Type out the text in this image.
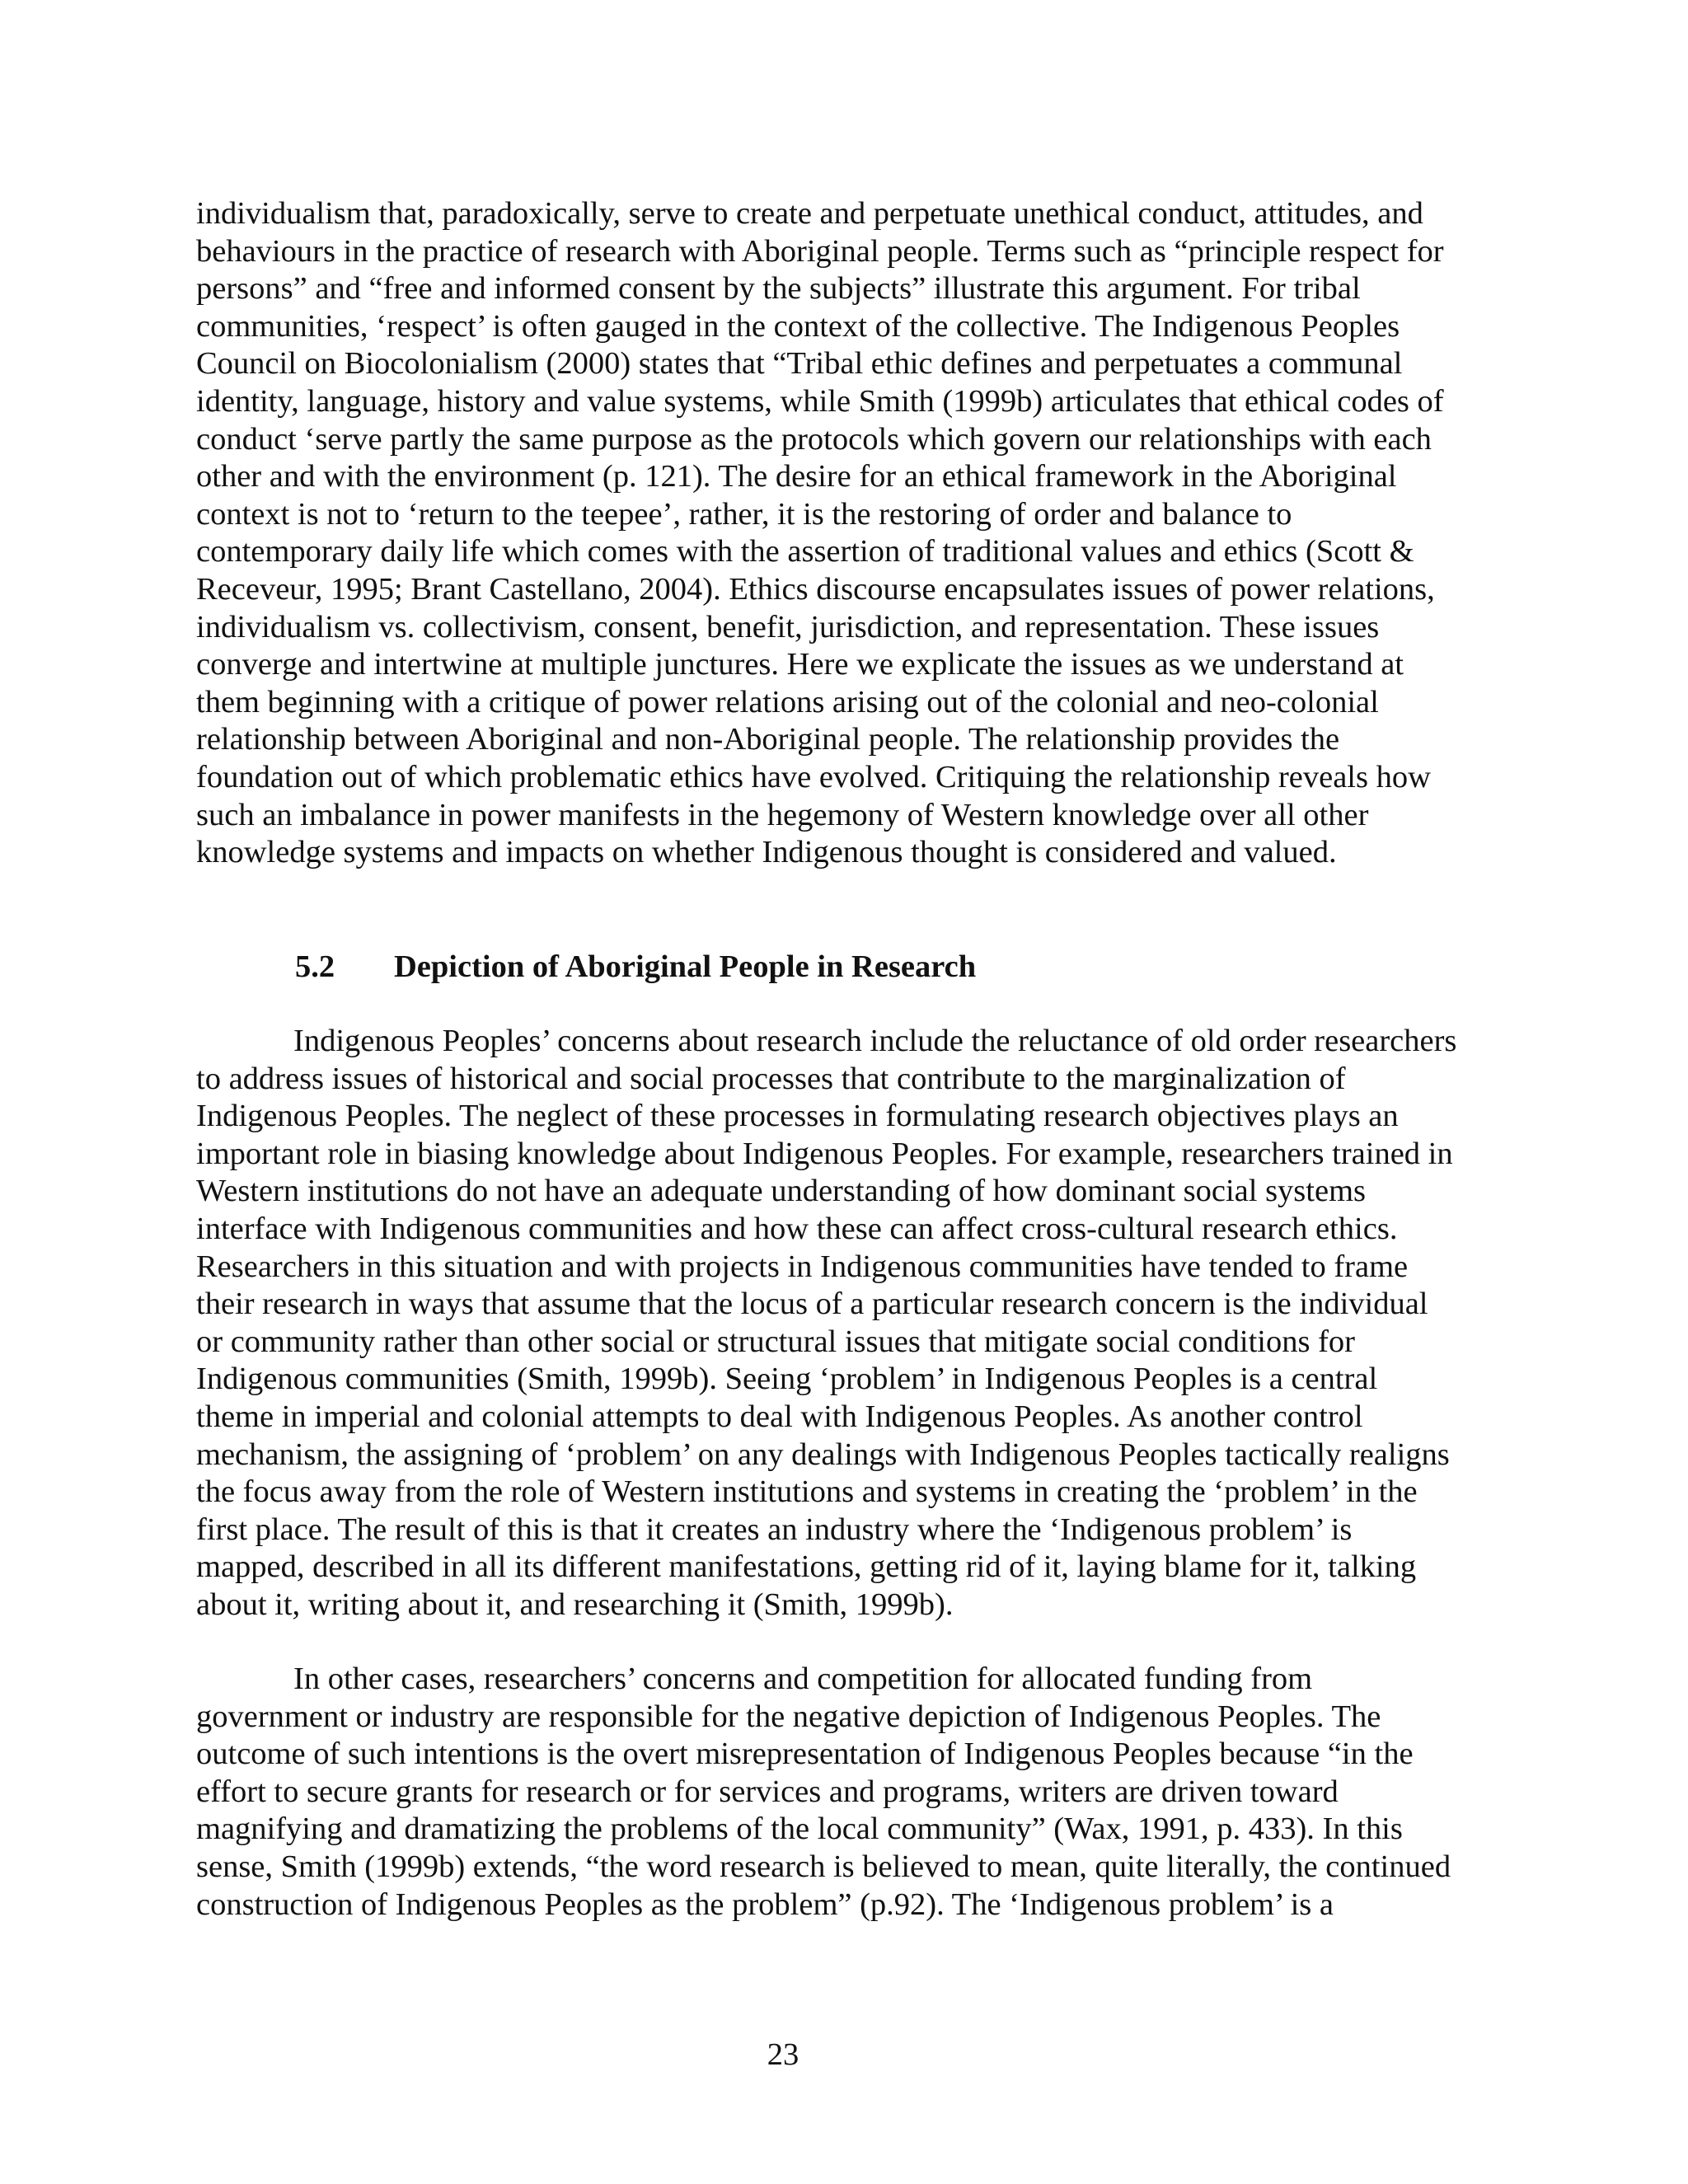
individualism that, paradoxically, serve to create and perpetuate unethical conduct, attitudes, and
behaviours in the practice of research with Aboriginal people. Terms such as “principle respect for
persons” and “free and informed consent by the subjects” illustrate this argument. For tribal
communities, ‘respect’ is often gauged in the context of the collective. The Indigenous Peoples
Council on Biocolonialism (2000) states that “Tribal ethic defines and perpetuates a communal
identity, language, history and value systems, while Smith (1999b) articulates that ethical codes of
conduct ‘serve partly the same purpose as the protocols which govern our relationships with each
other and with the environment (p. 121). The desire for an ethical framework in the Aboriginal
context is not to ‘return to the teepee’, rather, it is the restoring of order and balance to
contemporary daily life which comes with the assertion of traditional values and ethics (Scott &
Receveur, 1995; Brant Castellano, 2004). Ethics discourse encapsulates issues of power relations,
individualism vs. collectivism, consent, benefit, jurisdiction, and representation. These issues
converge and intertwine at multiple junctures. Here we explicate the issues as we understand at
them beginning with a critique of power relations arising out of the colonial and neo-colonial
relationship between Aboriginal and non-Aboriginal people. The relationship provides the
foundation out of which problematic ethics have evolved. Critiquing the relationship reveals how
such an imbalance in power manifests in the hegemony of Western knowledge over all other
knowledge systems and impacts on whether Indigenous thought is considered and valued.
5.2 Depiction of Aboriginal People in Research
Indigenous Peoples’ concerns about research include the reluctance of old order researchers
to address issues of historical and social processes that contribute to the marginalization of
Indigenous Peoples. The neglect of these processes in formulating research objectives plays an
important role in biasing knowledge about Indigenous Peoples. For example, researchers trained in
Western institutions do not have an adequate understanding of how dominant social systems
interface with Indigenous communities and how these can affect cross-cultural research ethics.
Researchers in this situation and with projects in Indigenous communities have tended to frame
their research in ways that assume that the locus of a particular research concern is the individual
or community rather than other social or structural issues that mitigate social conditions for
Indigenous communities (Smith, 1999b). Seeing ‘problem’ in Indigenous Peoples is a central
theme in imperial and colonial attempts to deal with Indigenous Peoples. As another control
mechanism, the assigning of ‘problem’ on any dealings with Indigenous Peoples tactically realigns
the focus away from the role of Western institutions and systems in creating the ‘problem’ in the
first place. The result of this is that it creates an industry where the ‘Indigenous problem’ is
mapped, described in all its different manifestations, getting rid of it, laying blame for it, talking
about it, writing about it, and researching it (Smith, 1999b).
In other cases, researchers’ concerns and competition for allocated funding from
government or industry are responsible for the negative depiction of Indigenous Peoples. The
outcome of such intentions is the overt misrepresentation of Indigenous Peoples because “in the
effort to secure grants for research or for services and programs, writers are driven toward
magnifying and dramatizing the problems of the local community” (Wax, 1991, p. 433). In this
sense, Smith (1999b) extends, “the word research is believed to mean, quite literally, the continued
construction of Indigenous Peoples as the problem” (p.92). The ‘Indigenous problem’ is a
23
